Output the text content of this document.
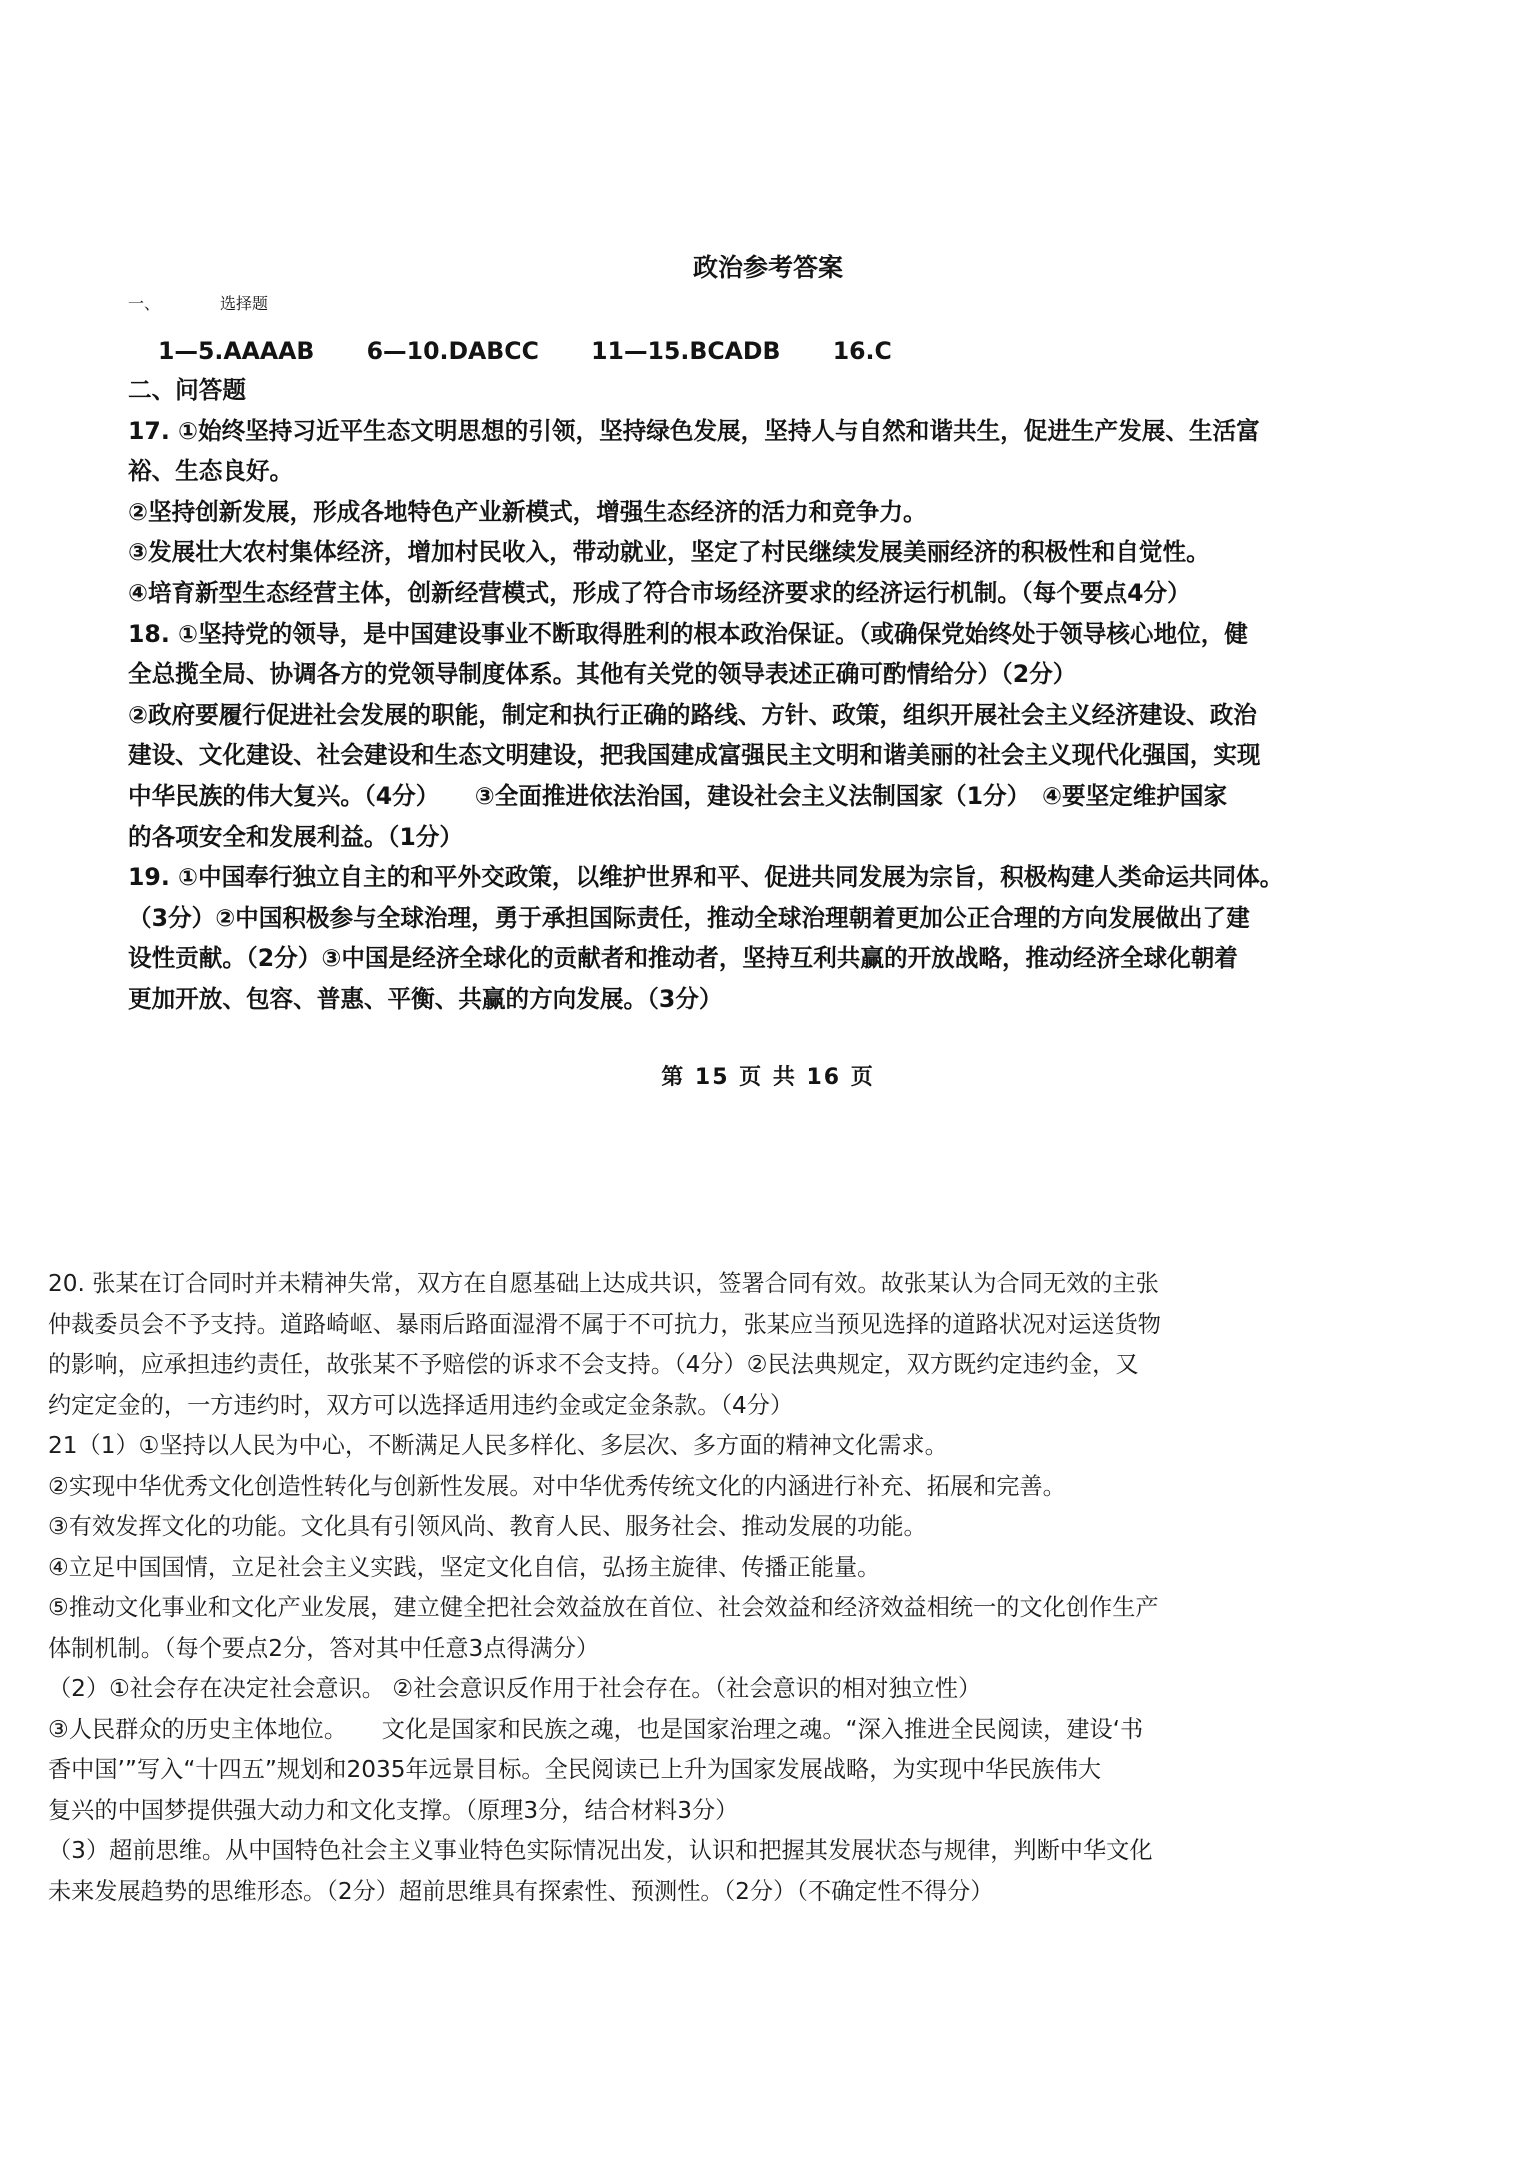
政治参考答案
一、	选择题
1—5.AAAAB 6—10.DABCC 11—15.BCADB 16.C
二、问答题
17. ①始终坚持习近平生态文明思想的引领，坚持绿色发展，坚持人与自然和谐共生，促进生产发展、生活富
裕、生态良好。
②坚持创新发展，形成各地特色产业新模式，增强生态经济的活力和竞争力。
③发展壮大农村集体经济，增加村民收入，带动就业，坚定了村民继续发展美丽经济的积极性和自觉性。
④培育新型生态经营主体，创新经营模式，形成了符合市场经济要求的经济运行机制。（每个要点4分）
18. ①坚持党的领导，是中国建设事业不断取得胜利的根本政治保证。（或确保党始终处于领导核心地位，健
全总揽全局、协调各方的党领导制度体系。其他有关党的领导表述正确可酌情给分）（2分）
②政府要履行促进社会发展的职能，制定和执行正确的路线、方针、政策，组织开展社会主义经济建设、政治
建设、文化建设、社会建设和生态文明建设，把我国建成富强民主文明和谐美丽的社会主义现代化强国，实现
中华民族的伟大复兴。（4分）　　③全面推进依法治国，建设社会主义法制国家（1分）　④要坚定维护国家
的各项安全和发展利益。（1分）
19. ①中国奉行独立自主的和平外交政策，以维护世界和平、促进共同发展为宗旨，积极构建人类命运共同体。
（3分）②中国积极参与全球治理，勇于承担国际责任，推动全球治理朝着更加公正合理的方向发展做出了建
设性贡献。（2分）③中国是经济全球化的贡献者和推动者，坚持互利共赢的开放战略，推动经济全球化朝着
更加开放、包容、普惠、平衡、共赢的方向发展。（3分）
第 15 页 共 16 页
20. 张某在订合同时并未精神失常，双方在自愿基础上达成共识，签署合同有效。故张某认为合同无效的主张
仲裁委员会不予支持。道路崎岖、暴雨后路面湿滑不属于不可抗力，张某应当预见选择的道路状况对运送货物
的影响，应承担违约责任，故张某不予赔偿的诉求不会支持。（4分）②民法典规定，双方既约定违约金，又
约定定金的，一方违约时，双方可以选择适用违约金或定金条款。（4分）
21（1）①坚持以人民为中心，不断满足人民多样化、多层次、多方面的精神文化需求。
②实现中华优秀文化创造性转化与创新性发展。对中华优秀传统文化的内涵进行补充、拓展和完善。
③有效发挥文化的功能。文化具有引领风尚、教育人民、服务社会、推动发展的功能。
④立足中国国情，立足社会主义实践，坚定文化自信，弘扬主旋律、传播正能量。
⑤推动文化事业和文化产业发展，建立健全把社会效益放在首位、社会效益和经济效益相统一的文化创作生产
体制机制。（每个要点2分，答对其中任意3点得满分）
（2）①社会存在决定社会意识。 ②社会意识反作用于社会存在。（社会意识的相对独立性）
③人民群众的历史主体地位。　　文化是国家和民族之魂，也是国家治理之魂。“深入推进全民阅读，建设‘书
香中国’”写入“十四五”规划和2035年远景目标。全民阅读已上升为国家发展战略，为实现中华民族伟大
复兴的中国梦提供强大动力和文化支撑。（原理3分，结合材料3分）
（3）超前思维。从中国特色社会主义事业特色实际情况出发，认识和把握其发展状态与规律，判断中华文化
未来发展趋势的思维形态。（2分）超前思维具有探索性、预测性。（2分）（不确定性不得分）
